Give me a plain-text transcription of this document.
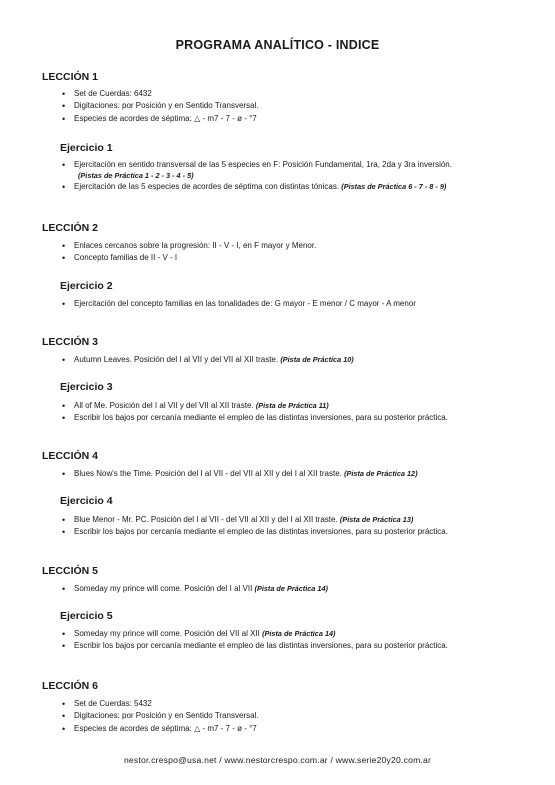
PROGRAMA ANALÍTICO - INDICE
LECCIÓN 1
• Set de Cuerdas: 6432
• Digitaciones: por Posición y en Sentido Transversal.
• Especies de acordes de séptima: △ - m7 - 7 - ø - °7
Ejercicio 1
• Ejercitación en sentido transversal de las 5 especies en F: Posición Fundamental, 1ra, 2da y 3ra inversión.
(Pistas de Práctica 1 - 2 - 3 - 4 - 5)
• Ejercitación de las 5 especies de acordes de séptima con distintas tónicas. (Pistas de Práctica 6 - 7 - 8 - 9)
LECCIÓN 2
• Enlaces cercanos sobre la progresión: II - V - I, en F mayor y Menor.
• Concepto familias de II - V - I
Ejercicio 2
• Ejercitación del concepto familias en las tonalidades de: G mayor - E menor / C mayor - A menor
LECCIÓN 3
• Autumn Leaves. Posición del I al VII y del VII al XII traste. (Pista de Práctica 10)
Ejercicio 3
• All of Me. Posición del I al VII y del VII al XII traste. (Pista de Práctica 11)
• Escribir los bajos por cercanía mediante el empleo de las distintas inversiones, para su posterior práctica.
LECCIÓN 4
• Blues Now's the Time. Posición del I al VII - del VII al XII y del I al XII traste. (Pista de Práctica 12)
Ejercicio 4
• Blue Menor - Mr. PC. Posición del I al VII - del VII al XII y del I al XII traste. (Pista de Práctica 13)
• Escribir los bajos por cercanía mediante el empleo de las distintas inversiones, para su posterior práctica.
LECCIÓN 5
• Someday my prince will come. Posición del I al VII (Pista de Práctica 14)
Ejercicio 5
• Someday my prince will come. Posición del VII al XII (Pista de Práctica 14)
• Escribir los bajos por cercanía mediante el empleo de las distintas inversiones, para su posterior práctica.
LECCIÓN 6
• Set de Cuerdas: 5432
• Digitaciones: por Posición y en Sentido Transversal.
• Especies de acordes de séptima: △ - m7 - 7 - ø - °7
nestor.crespo@usa.net / www.nestorcrespo.com.ar / www.serie20y20.com.ar
